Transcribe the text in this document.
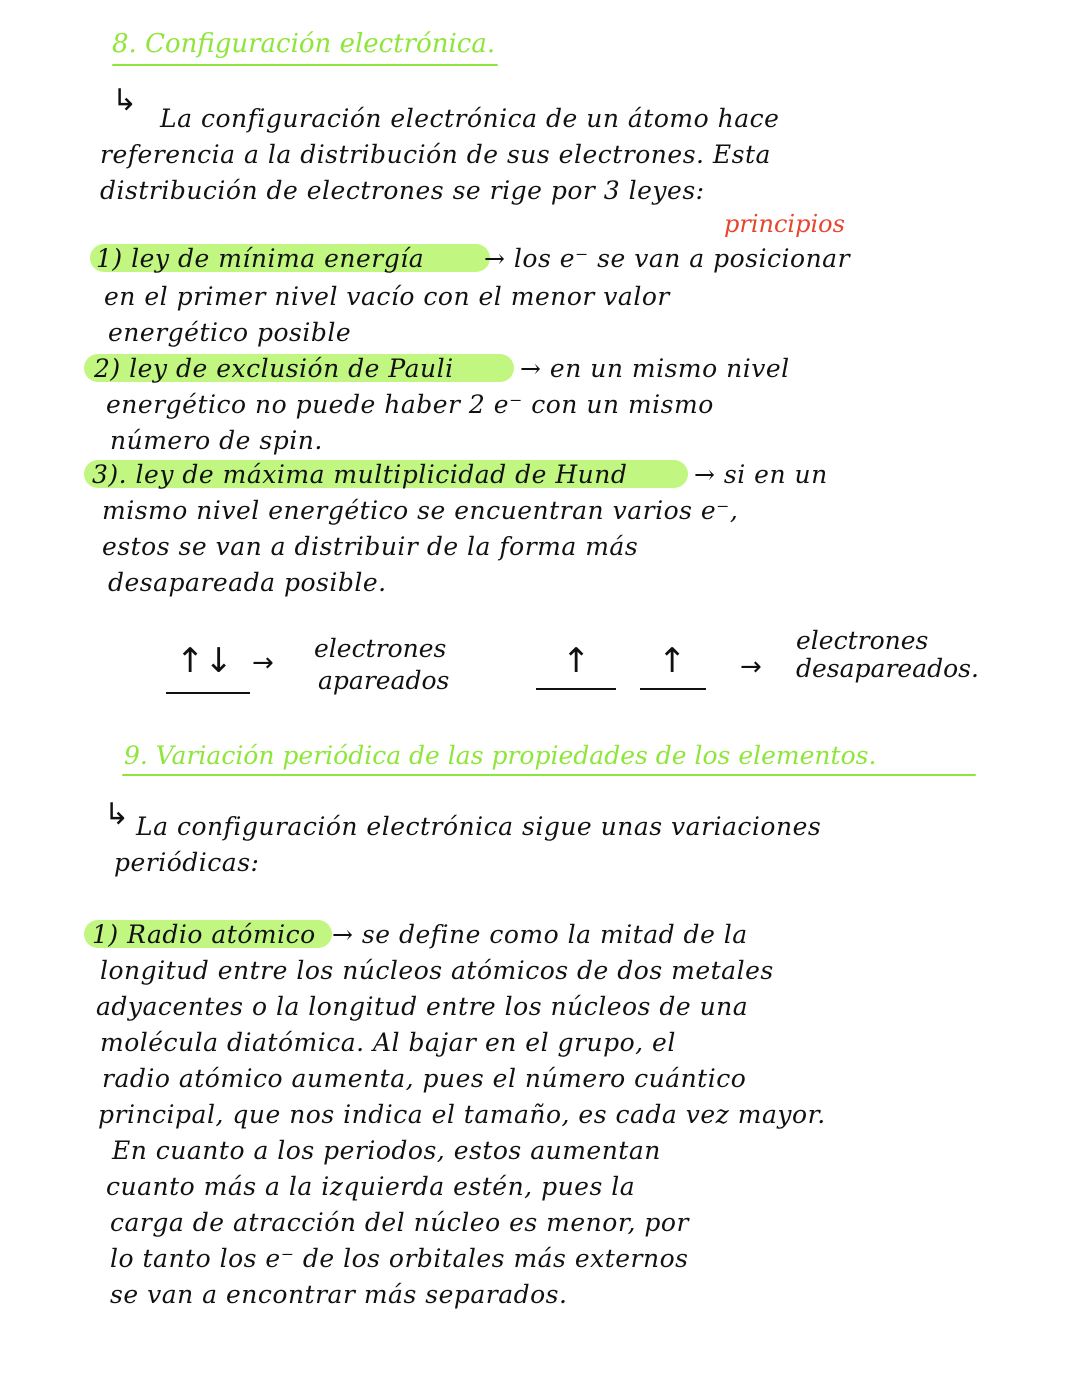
8. Configuración electrónica.
↳
La configuración electrónica de un átomo hace
referencia a la distribución de sus electrones. Esta
distribución de electrones se rige por 3 leyes:
principios
1) ley de mínima energía → los e⁻ se van a posicionar
en el primer nivel vacío con el menor valor
energético posible
2) ley de exclusión de Pauli	→ en un mismo nivel
energético no puede haber 2 e⁻ con un mismo
número de spin.
3). ley de máxima multiplicidad de Hund	→ si en un
mismo nivel energético se encuentran varios e⁻,
estos se van a distribuir de la forma más
desapareada posible.
↑↓ → electrones
apareados	↑ ↑ →
electrones
desapareados.
9. Variación periódica de las propiedades de los elementos.
↳ La configuración electrónica sigue unas variaciones
periódicas:
1) Radio atómico → se define como la mitad de la
longitud entre los núcleos atómicos de dos metales
adyacentes o la longitud entre los núcleos de una
molécula diatómica. Al bajar en el grupo, el
radio atómico aumenta, pues el número cuántico
principal, que nos indica el tamaño, es cada vez mayor.
En cuanto a los periodos, estos aumentan
cuanto más a la izquierda estén, pues la
carga de atracción del núcleo es menor, por
lo tanto los e⁻ de los orbitales más externos
se van a encontrar más separados.
